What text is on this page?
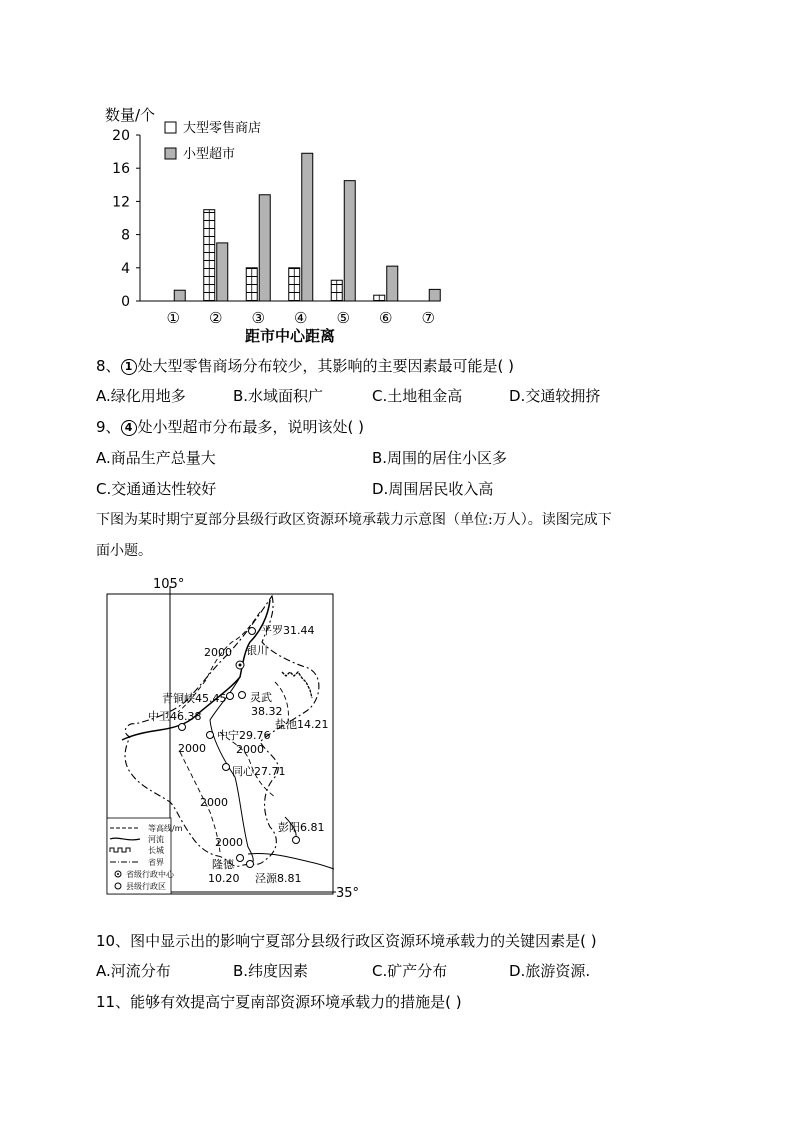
数量/个
0
4
8
12
16
20
① ② ③ ④ ⑤ ⑥ ⑦
大型零售商店
小型超市
距市中心距离
8、 1 处大型零售商场分布较少，其影响的主要因素最可能是( )
A.绿化用地多	B.水域面积广	C.土地租金高	D.交通较拥挤
9、 4 处小型超市分布最多，说明该处( )
A.商品生产总量大	B.周围的居住小区多
C.交通通达性较好	D.周围居民收入高
下图为某时期宁夏部分县级行政区资源环境承载力示意图（单位:万人）。读图完成下
面小题。
105°
35°
2000
2000	2000
2000
2000
银川
平罗31.44
青铜峡45.45 灵武 38.32
中卫46.38
盐池14.21
中宁29.76
同心27.71
彭阳6.81
隆德 10.20 泾源8.81
等高线/m
河流
长城
省界
省级行政中心
县级行政区
10、图中显示出的影响宁夏部分县级行政区资源环境承载力的关键因素是( )
A.河流分布	B.纬度因素	C.矿产分布	D.旅游资源.
11、能够有效提高宁夏南部资源环境承载力的措施是( )
